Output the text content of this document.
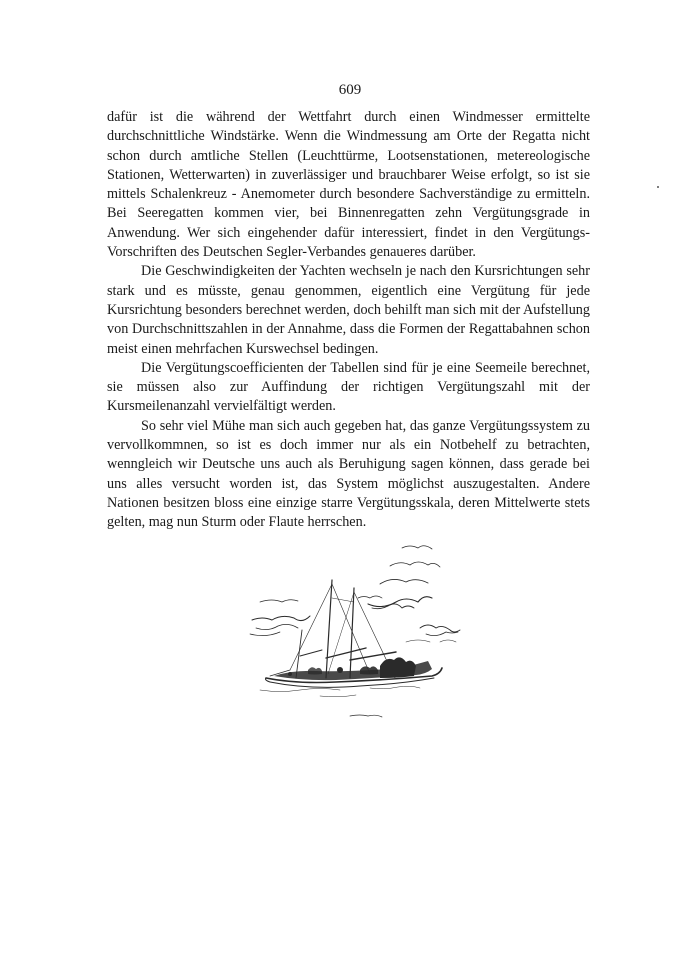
609

dafür ist die während der Wettfahrt durch einen Windmesser ermittelte durchschnittliche Windstärke. Wenn die Windmessung am Orte der Regatta nicht schon durch amtliche Stellen (Leuchttürme, Lootsenstationen, metereologische Stationen, Wetterwarten) in zuverlässiger und brauchbarer Weise erfolgt, so ist sie mittels Schalenkreuz - Anemometer durch besondere Sachverständige zu ermitteln. Bei Seeregatten kommen vier, bei Binnenregatten zehn Vergütungsgrade in Anwendung. Wer sich eingehender dafür interessiert, findet in den Vergütungs-Vorschriften des Deutschen Segler-Verbandes genaueres darüber.

Die Geschwindigkeiten der Yachten wechseln je nach den Kursrichtungen sehr stark und es müsste, genau genommen, eigentlich eine Vergütung für jede Kursrichtung besonders berechnet werden, doch behilft man sich mit der Aufstellung von Durchschnittszahlen in der Annahme, dass die Formen der Regattabahnen schon meist einen mehrfachen Kurswechsel bedingen.

Die Vergütungscoefficienten der Tabellen sind für je eine Seemeile berechnet, sie müssen also zur Auffindung der richtigen Vergütungszahl mit der Kursmeilenanzahl vervielfältigt werden.

So sehr viel Mühe man sich auch gegeben hat, das ganze Vergütungssystem zu vervollkommnen, so ist es doch immer nur als ein Notbehelf zu betrachten, wenngleich wir Deutsche uns auch als Beruhigung sagen können, dass gerade bei uns alles versucht worden ist, das System möglichst auszugestalten. Andere Nationen besitzen bloss eine einzige starre Vergütungsskala, deren Mittelwerte stets gelten, mag nun Sturm oder Flaute herrschen.
